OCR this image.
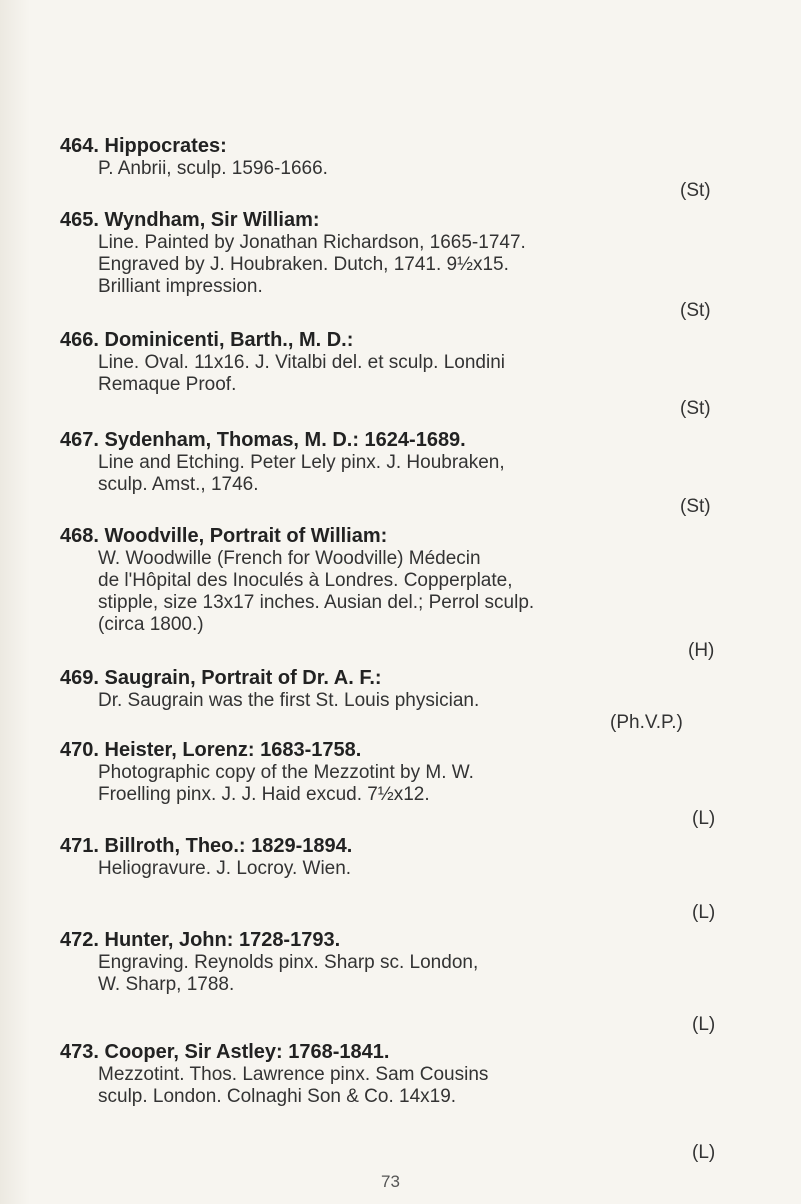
464. Hippocrates:
P. Anbrii, sculp. 1596-1666.
(St)
465. Wyndham, Sir William:
Line. Painted by Jonathan Richardson, 1665-1747.
Engraved by J. Houbraken. Dutch, 1741. 9½x15.
Brilliant impression.
(St)
466. Dominicenti, Barth., M. D.:
Line. Oval. 11x16. J. Vitalbi del. et sculp. Londini
Remaque Proof.
(St)
467. Sydenham, Thomas, M. D.: 1624-1689.
Line and Etching. Peter Lely pinx. J. Houbraken,
sculp. Amst., 1746.
(St)
468. Woodville, Portrait of William:
W. Woodwille (French for Woodville) Médecin
de l'Hôpital des Inoculés à Londres. Copperplate,
stipple, size 13x17 inches. Ausian del.; Perrol sculp.
(circa 1800.)
(H)
469. Saugrain, Portrait of Dr. A. F.:
Dr. Saugrain was the first St. Louis physician.
(Ph.V.P.)
470. Heister, Lorenz: 1683-1758.
Photographic copy of the Mezzotint by M. W.
Froelling pinx. J. J. Haid excud. 7½x12.
(L)
471. Billroth, Theo.: 1829-1894.
Heliogravure. J. Locroy. Wien.
(L)
472. Hunter, John: 1728-1793.
Engraving. Reynolds pinx. Sharp sc. London,
W. Sharp, 1788.
(L)
473. Cooper, Sir Astley: 1768-1841.
Mezzotint. Thos. Lawrence pinx. Sam Cousins
sculp. London. Colnaghi Son & Co. 14x19.
(L)
73
